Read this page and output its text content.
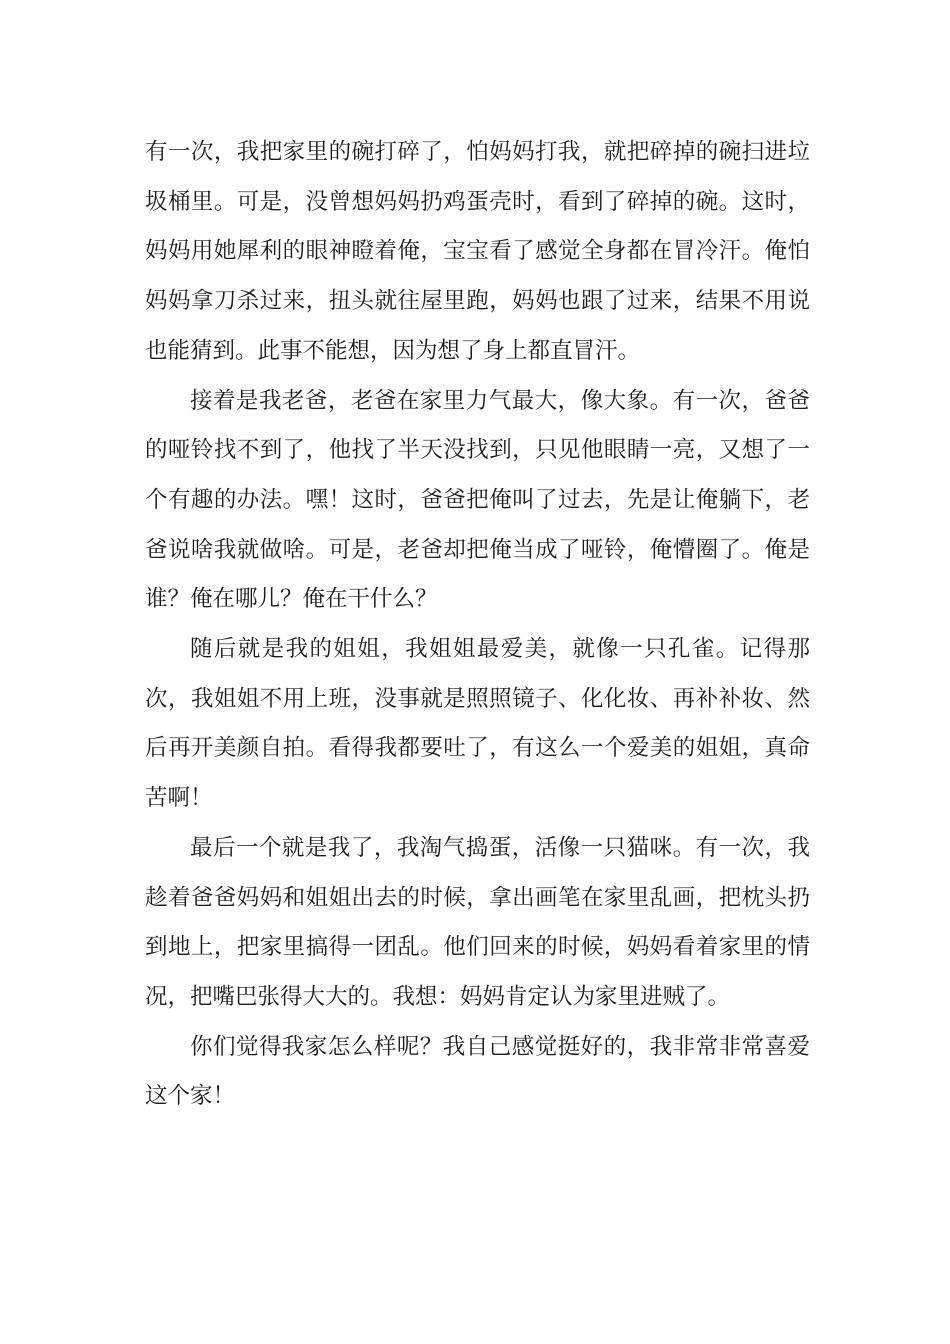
有一次，我把家里的碗打碎了，怕妈妈打我，就把碎掉的碗扫进垃圾桶里。可是，没曾想妈妈扔鸡蛋壳时，看到了碎掉的碗。这时，妈妈用她犀利的眼神瞪着俺，宝宝看了感觉全身都在冒冷汗。俺怕妈妈拿刀杀过来，扭头就往屋里跑，妈妈也跟了过来，结果不用说也能猜到。此事不能想，因为想了身上都直冒汗。

接着是我老爸，老爸在家里力气最大，像大象。有一次，爸爸的哑铃找不到了，他找了半天没找到，只见他眼睛一亮，又想了一个有趣的办法。嘿！这时，爸爸把俺叫了过去，先是让俺躺下，老爸说啥我就做啥。可是，老爸却把俺当成了哑铃，俺懵圈了。俺是谁？俺在哪儿？俺在干什么？

随后就是我的姐姐，我姐姐最爱美，就像一只孔雀。记得那次，我姐姐不用上班，没事就是照照镜子、化化妆、再补补妆、然后再开美颜自拍。看得我都要吐了，有这么一个爱美的姐姐，真命苦啊！

最后一个就是我了，我淘气捣蛋，活像一只猫咪。有一次，我趁着爸爸妈妈和姐姐出去的时候，拿出画笔在家里乱画，把枕头扔到地上，把家里搞得一团乱。他们回来的时候，妈妈看着家里的情况，把嘴巴张得大大的。我想：妈妈肯定认为家里进贼了。

你们觉得我家怎么样呢？我自己感觉挺好的，我非常非常喜爱这个家！
